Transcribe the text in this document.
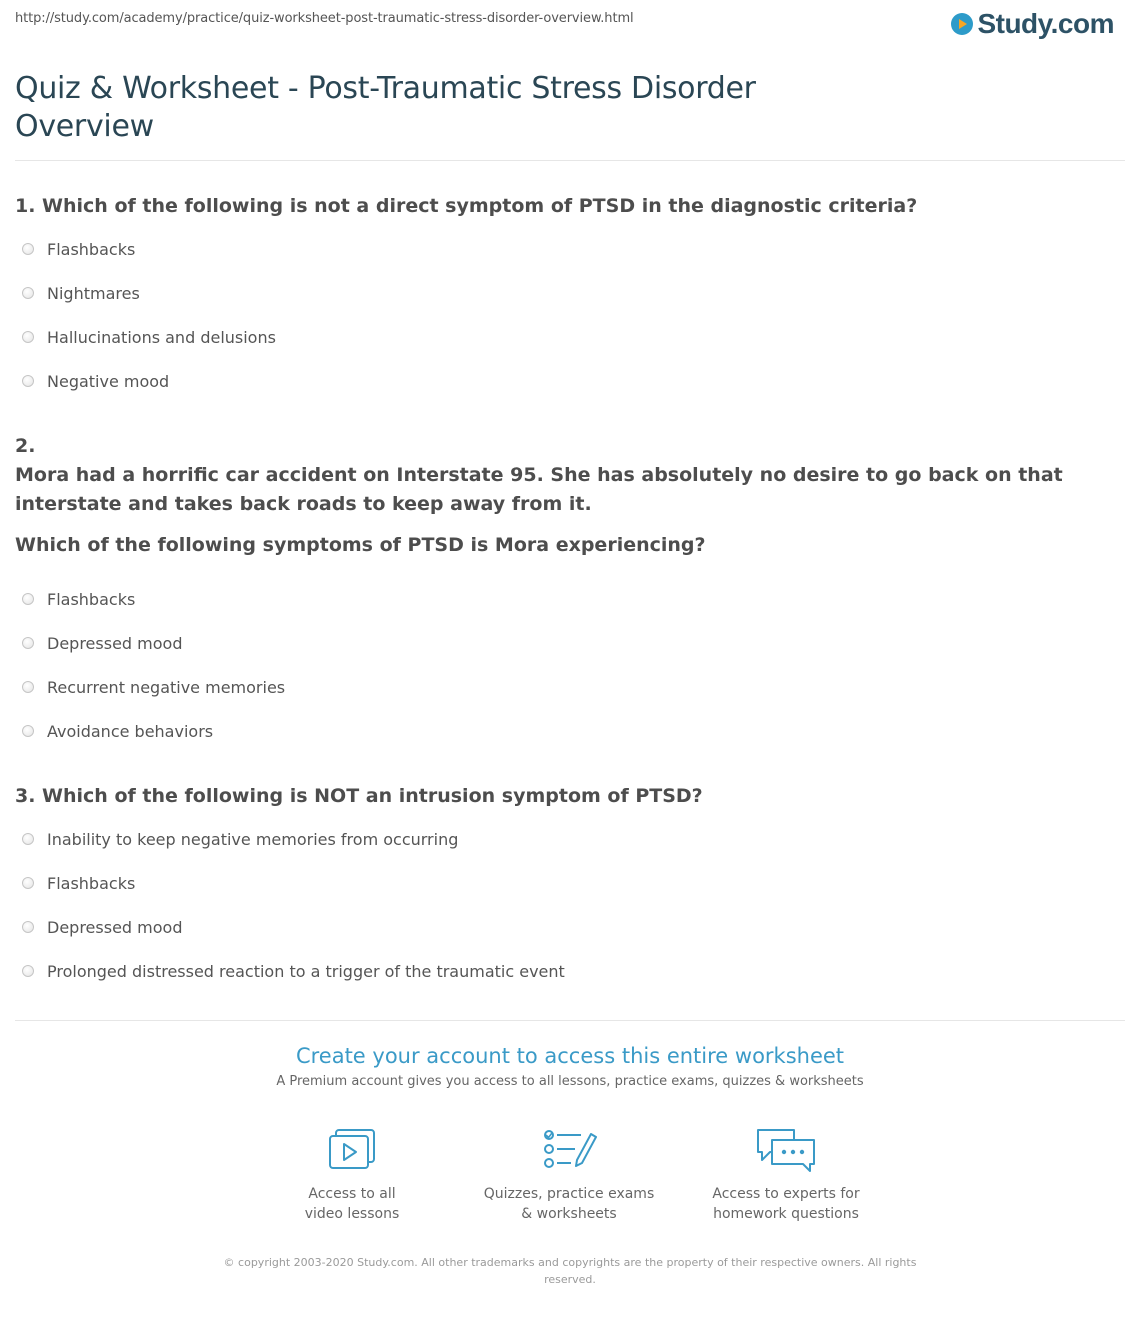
http://study.com/academy/practice/quiz-worksheet-post-traumatic-stress-disorder-overview.html	Study.com
Quiz & Worksheet - Post-Traumatic Stress Disorder Overview
1. Which of the following is not a direct symptom of PTSD in the diagnostic criteria?
Flashbacks
Nightmares
Hallucinations and delusions
Negative mood
2.
Mora had a horrific car accident on Interstate 95. She has absolutely no desire to go back on that interstate and takes back roads to keep away from it.
Which of the following symptoms of PTSD is Mora experiencing?
Flashbacks
Depressed mood
Recurrent negative memories
Avoidance behaviors
3. Which of the following is NOT an intrusion symptom of PTSD?
Inability to keep negative memories from occurring
Flashbacks
Depressed mood
Prolonged distressed reaction to a trigger of the traumatic event
Create your account to access this entire worksheet
A Premium account gives you access to all lessons, practice exams, quizzes & worksheets
Access to all
video lessons
Quizzes, practice exams
& worksheets
Access to experts for
homework questions
© copyright 2003-2020 Study.com. All other trademarks and copyrights are the property of their respective owners. All rights reserved.
